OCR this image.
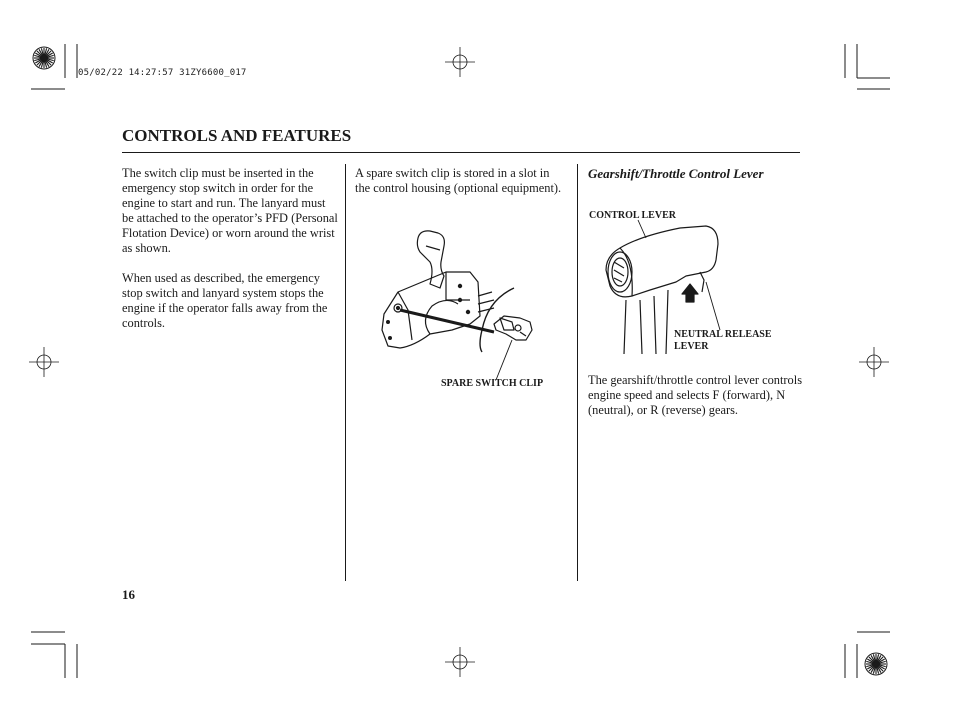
05/02/22 14:27:57 31ZY6600_017
CONTROLS AND FEATURES

The switch clip must be inserted in the emergency stop switch in order for the engine to start and run. The lanyard must be attached to the operator’s PFD (Personal Flotation Device) or worn around the wrist as shown.

When used as described, the emergency stop switch and lanyard system stops the engine if the operator falls away from the controls.

A spare switch clip is stored in a slot in the control housing (optional equipment).

SPARE SWITCH CLIP
Gearshift/Throttle Control Lever
CONTROL LEVER
NEUTRAL RELEASE
LEVER

The gearshift/throttle control lever controls engine speed and selects F (forward), N (neutral), or R (reverse) gears.

16
